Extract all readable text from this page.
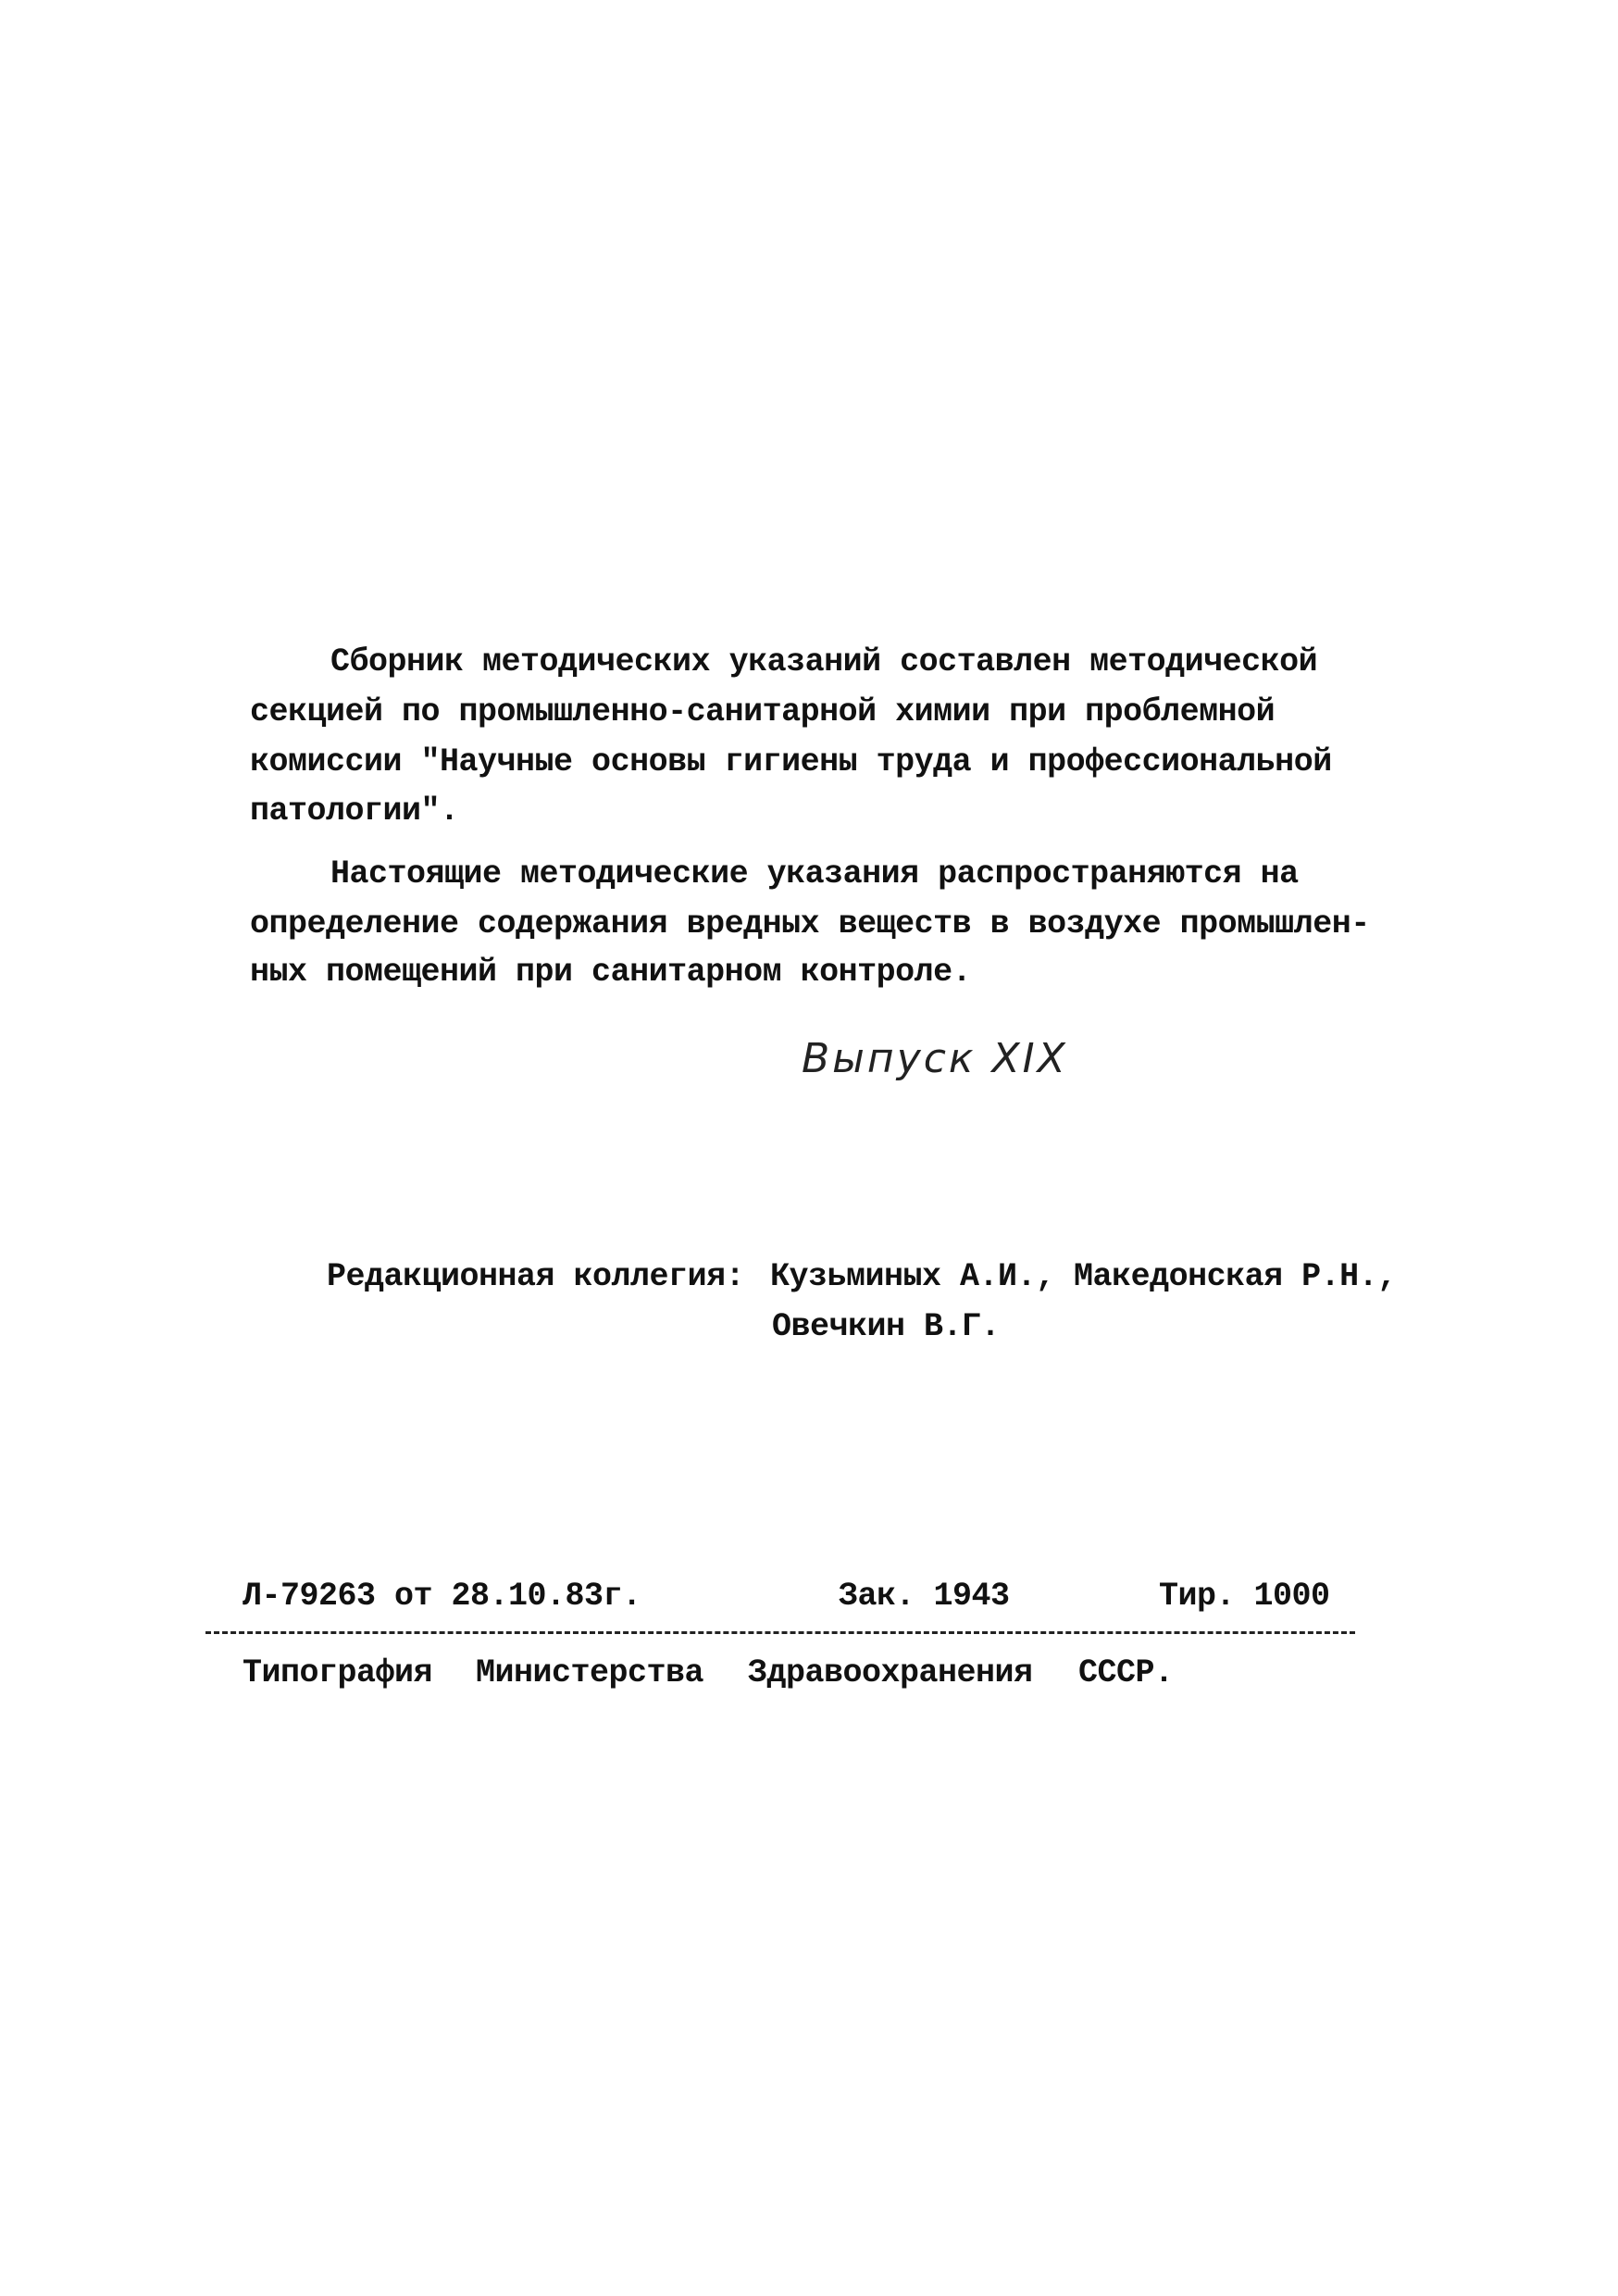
Сборник методических указаний составлен методической
секцией по промышленно-санитарной химии при проблемной
комиссии "Научные основы гигиены труда и профессиональной
патологии".
Настоящие методические указания распространяются на
определение содержания вредных веществ в воздухе промышлен-
ных помещений при санитарном контроле.
Выпуск XIX
Редакционная коллегия: Кузьминых А.И., Македонская Р.Н.,
Овечкин В.Г.
Л-79263 от 28.10.83г.	Зак. 1943	Тир. 1000
Типография Министерства Здравоохранения СССР.
